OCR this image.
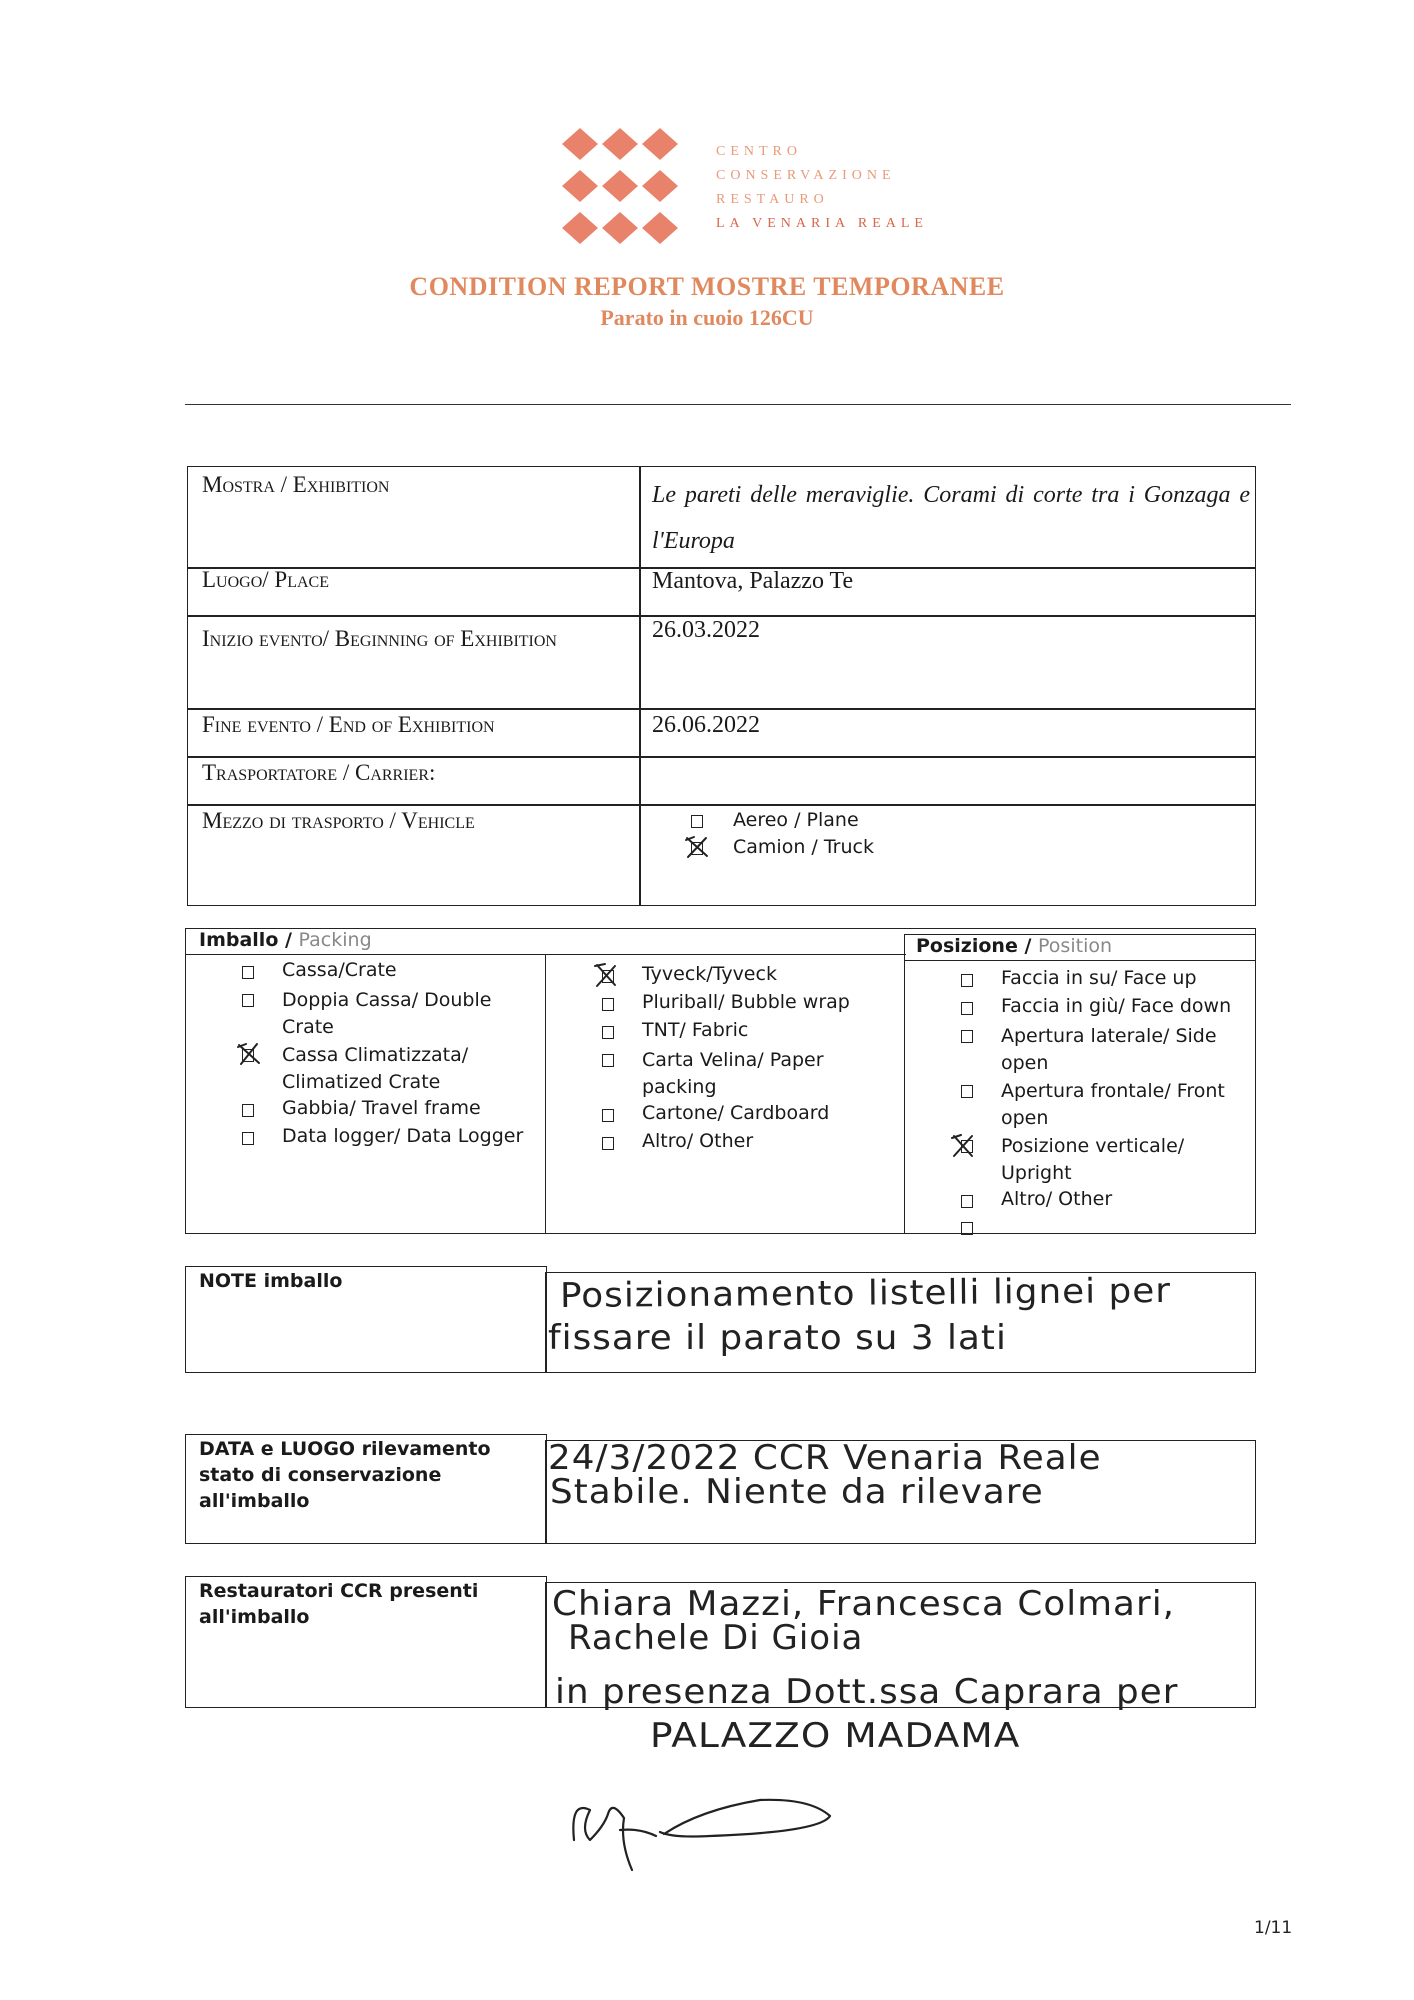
CENTRO
CONSERVAZIONE
RESTAURO
LA VENARIA REALE
CONDITION REPORT MOSTRE TEMPORANEE
Parato in cuoio 126CU
Mostra / Exhibition	Le pareti delle meraviglie. Corami di corte tra i Gonzaga e l'Europa
Luogo/ Place	Mantova, Palazzo Te
Inizio evento/ Beginning of Exhibition	26.03.2022
Fine evento / End of Exhibition	26.06.2022
Trasportatore / Carrier:
Mezzo di trasporto / Vehicle	Aereo / Plane
Camion / Truck
Imballo / Packing	Posizione / Position
Cassa/Crate
Doppia Cassa/ Double Crate
Cassa Climatizzata/ Climatized Crate
Gabbia/ Travel frame
Data logger/ Data Logger
Tyveck/Tyveck
Pluriball/ Bubble wrap
TNT/ Fabric
Carta Velina/ Paper packing
Cartone/ Cardboard
Altro/ Other
Faccia in su/ Face up
Faccia in giù/ Face down
Apertura laterale/ Side open
Apertura frontale/ Front open
Posizione verticale/ Upright
Altro/ Other
NOTE imballo	Posizionamento listelli lignei per
fissare il parato su 3 lati
DATA e LUOGO rilevamento stato di conservazione all'imballo
24/3/2022 CCR Venaria Reale
Stabile. Niente da rilevare
Restauratori CCR presenti all'imballo	Chiara Mazzi, Francesca Colmari,
Rachele Di Gioia
in presenza Dott.ssa Caprara per
PALAZZO MADAMA
1/11
